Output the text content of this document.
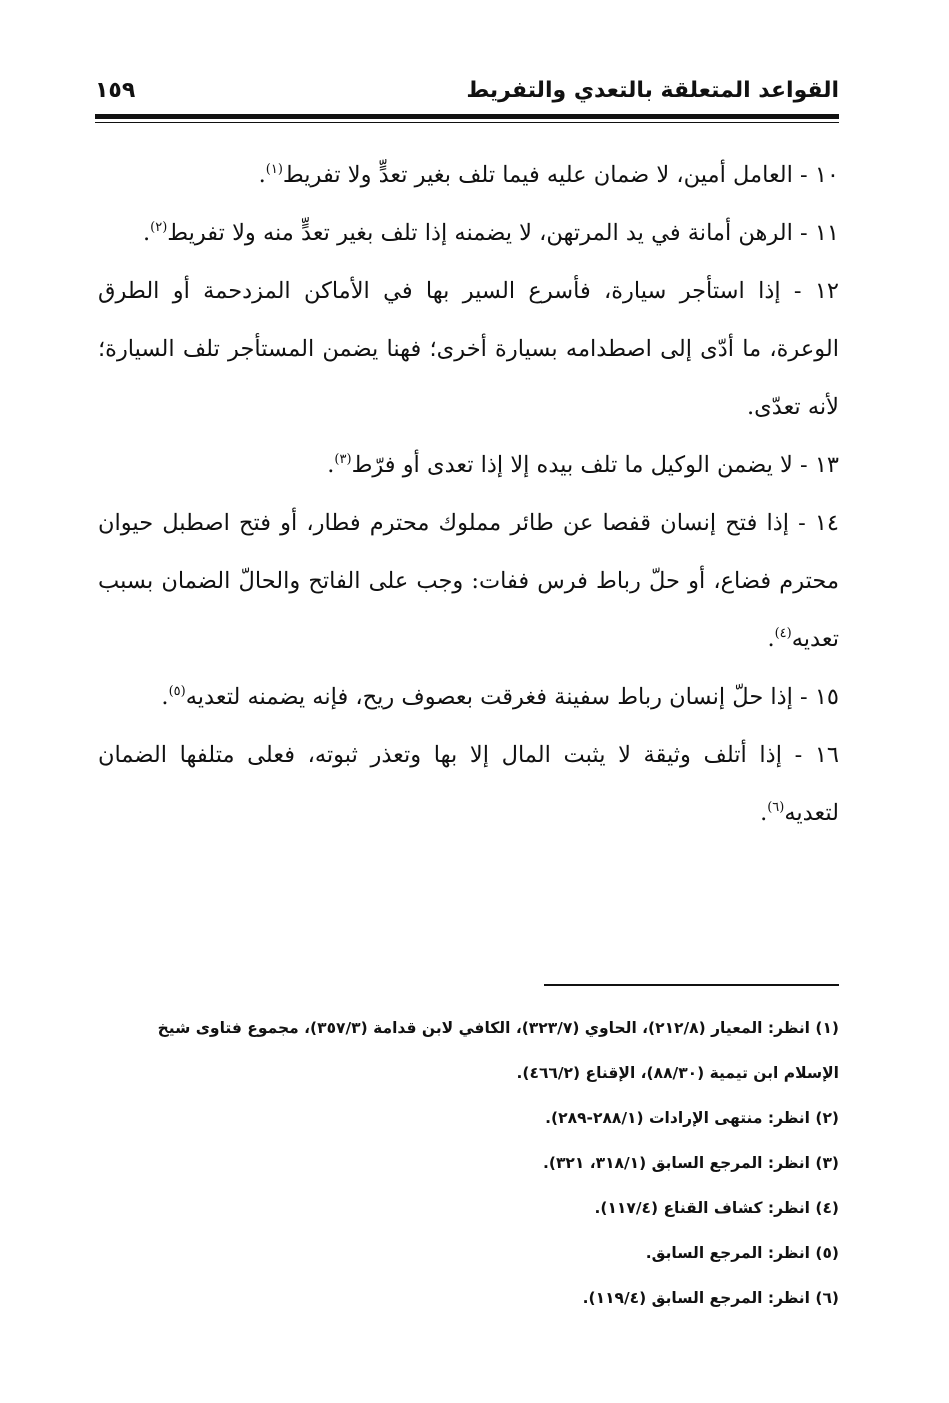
القواعد المتعلقة بالتعدي والتفريط
١٥٩
١٠ - العامل أمين، لا ضمان عليه فيما تلف بغير تعدٍّ ولا تفريط$^{(١)}$.
١١ - الرهن أمانة في يد المرتهن، لا يضمنه إذا تلف بغير تعدٍّ منه ولا تفريط$^{(٢)}$.
١٢ - إذا استأجر سيارة، فأسرع السير بها في الأماكن المزدحمة أو الطرق الوعرة، ما أدّى إلى اصطدامه بسيارة أخرى؛ فهنا يضمن المستأجر تلف السيارة؛ لأنه تعدّى.
١٣ - لا يضمن الوكيل ما تلف بيده إلا إذا تعدى أو فرّط$^{(٣)}$.
١٤ - إذا فتح إنسان قفصا عن طائر مملوك محترم فطار، أو فتح اصطبل حيوان محترم فضاع، أو حلّ رباط فرس ففات: وجب على الفاتح والحالّ الضمان بسبب تعديه$^{(٤)}$.
١٥ - إذا حلّ إنسان رباط سفينة فغرقت بعصوف ريح، فإنه يضمنه لتعديه$^{(٥)}$.
١٦ - إذا أتلف وثيقة لا يثبت المال إلا بها وتعذر ثبوته، فعلى متلفها الضمان لتعديه$^{(٦)}$.
(١) انظر: المعيار (٢١٢/٨)، الحاوي (٣٢٣/٧)، الكافي لابن قدامة (٣٥٧/٣)، مجموع فتاوى شيخ الإسلام ابن تيمية (٨٨/٣٠)، الإقناع (٤٦٦/٢).
(٢) انظر: منتهى الإرادات (٢٨٨/١-٢٨٩).
(٣) انظر: المرجع السابق (٣١٨/١، ٣٢١).
(٤) انظر: كشاف القناع (١١٧/٤).
(٥) انظر: المرجع السابق.
(٦) انظر: المرجع السابق (١١٩/٤).
